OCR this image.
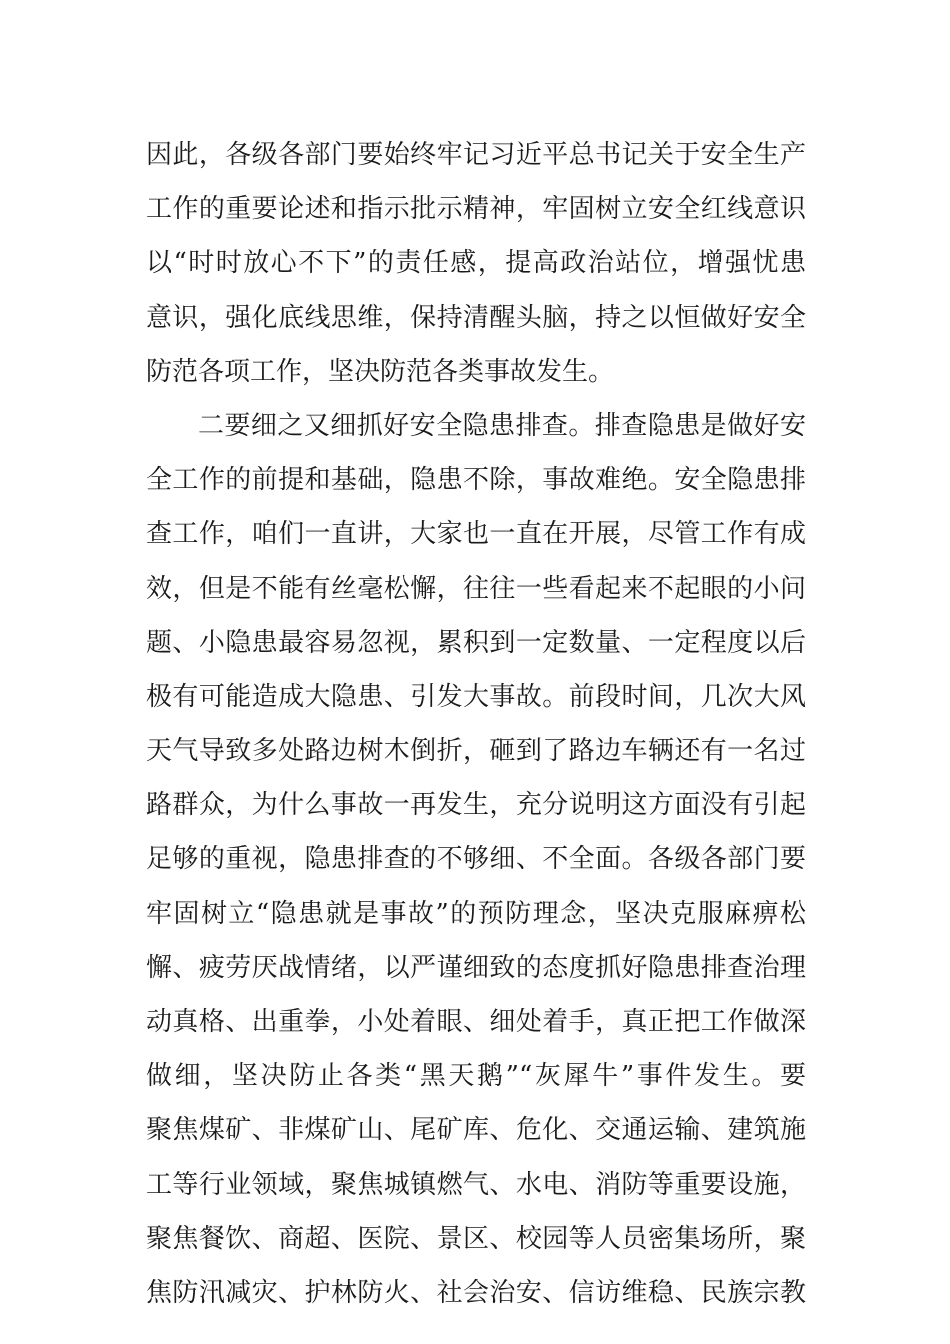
因此，各级各部门要始终牢记习近平总书记关于安全生产
工作的重要论述和指示批示精神，牢固树立安全红线意识
以“时时放心不下”的责任感，提高政治站位，增强忧患
意识，强化底线思维，保持清醒头脑，持之以恒做好安全
防范各项工作，坚决防范各类事故发生。
二要细之又细抓好安全隐患排查。排查隐患是做好安
全工作的前提和基础，隐患不除，事故难绝。安全隐患排
查工作，咱们一直讲，大家也一直在开展，尽管工作有成
效，但是不能有丝毫松懈，往往一些看起来不起眼的小问
题、小隐患最容易忽视，累积到一定数量、一定程度以后
极有可能造成大隐患、引发大事故。前段时间，几次大风
天气导致多处路边树木倒折，砸到了路边车辆还有一名过
路群众，为什么事故一再发生，充分说明这方面没有引起
足够的重视，隐患排查的不够细、不全面。各级各部门要
牢固树立“隐患就是事故”的预防理念，坚决克服麻痹松
懈、疲劳厌战情绪，以严谨细致的态度抓好隐患排查治理
动真格、出重拳，小处着眼、细处着手，真正把工作做深
做细，坚决防止各类“黑天鹅”“灰犀牛”事件发生。要
聚焦煤矿、非煤矿山、尾矿库、危化、交通运输、建筑施
工等行业领域，聚焦城镇燃气、水电、消防等重要设施，
聚焦餐饮、商超、医院、景区、校园等人员密集场所，聚
焦防汛减灾、护林防火、社会治安、信访维稳、民族宗教
